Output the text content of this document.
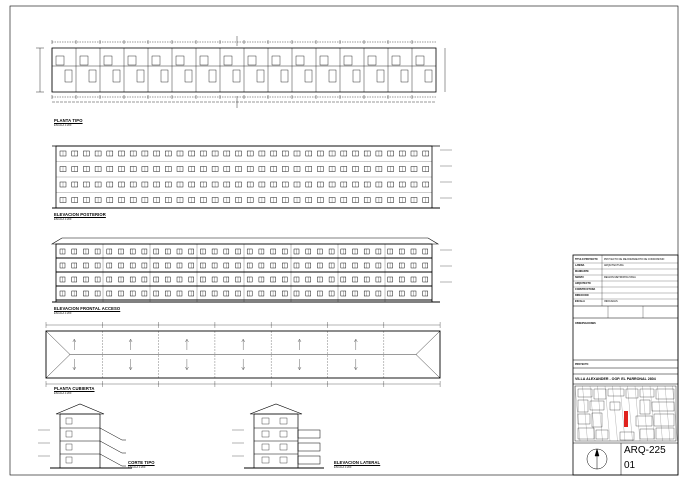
PLANTA TIPO
ESCALA 1:200
ELEVACION POSTERIOR
ESCALA 1:200
ELEVACION FRONTAL ACCESO
ESCALA 1:200
PLANTA CUBIERTA
ESCALA 1:200
CORTE TIPO
ESCALA 1:200
ELEVACION LATERAL
ESCALA 1:200
TITULO PROYECTO	PROYECTO DE MEJORAMIENTO DE CONDOMINIO
LAMINA	ARQUITECTURA
MANDANTE
SERVIU	REGION METROPOLITANA
ARQUITECTO
CONSTRUCTORA
DIRECCION
ESCALA	INDICADAS
OBSERVACIONES
PROYECTO
VILLA ALEXANDER - OOP. EL PARRONAL 2804
ARQ-225
01
